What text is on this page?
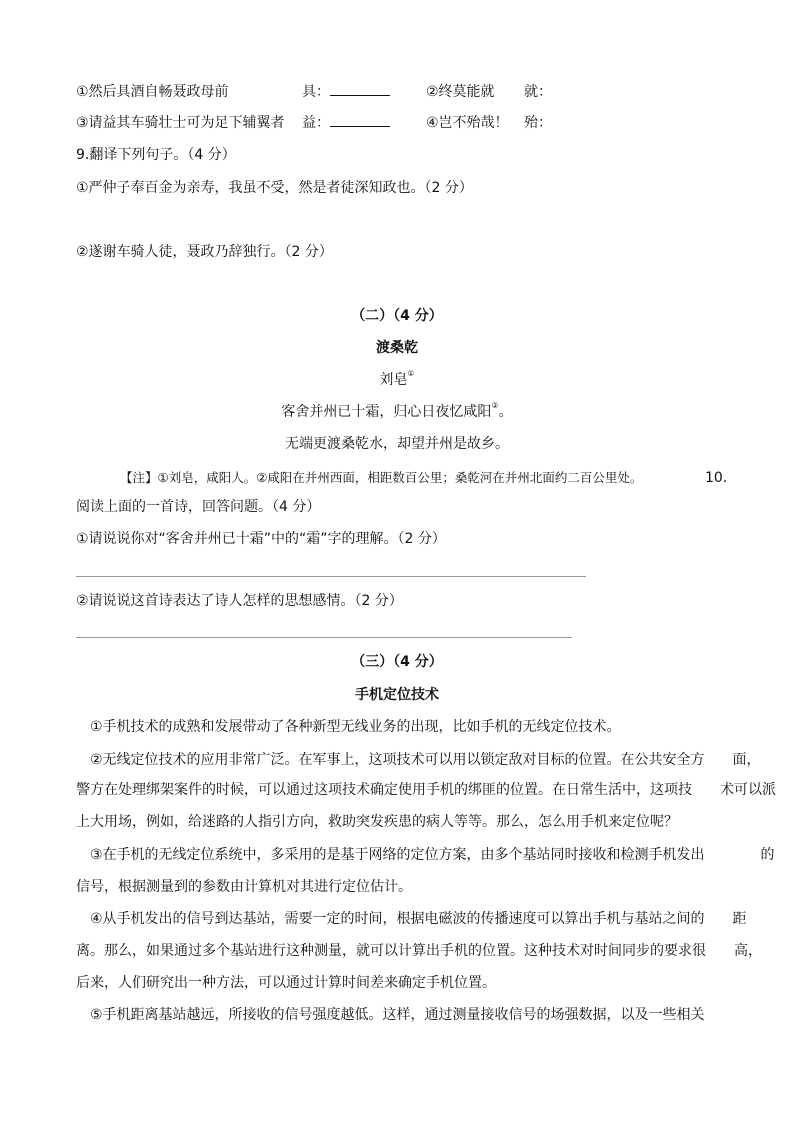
①然后具酒自畅聂政母前	具：	②终莫能就 就：
③请益其车骑壮士可为足下辅翼者 益：	④岂不殆哉！ 殆：
9.翻译下列句子。（4 分）
①严仲子奉百金为亲寿，我虽不受，然是者徒深知政也。（2 分）
②遂谢车骑人徒，聂政乃辞独行。（2 分）
（二）（4 分）
渡桑乾
刘皂①
客舍并州已十霜，归心日夜忆咸阳②。
无端更渡桑乾水，却望并州是故乡。
【注】①刘皂，咸阳人。②咸阳在并州西面，相距数百公里；桑乾河在并州北面约二百公里处。	10.
阅读上面的一首诗，回答问题。（4 分）
①请说说你对“客舍并州已十霜”中的“霜”字的理解。（2 分）
②请说说这首诗表达了诗人怎样的思想感情。（2 分）
（三）（4 分）
手机定位技术
①手机技术的成熟和发展带动了各种新型无线业务的出现，比如手机的无线定位技术。
②无线定位技术的应用非常广泛。在军事上，这项技术可以用以锁定敌对目标的位置。在公共安全方　　面，
警方在处理绑架案件的时候，可以通过这项技术确定使用手机的绑匪的位置。在日常生活中，这项技　　术可以派
上大用场，例如，给迷路的人指引方向，救助突发疾患的病人等等。那么，怎么用手机来定位呢？
③在手机的无线定位系统中，多采用的是基于网络的定位方案，由多个基站同时接收和检测手机发出　　　　的
信号，根据测量到的参数由计算机对其进行定位估计。
④从手机发出的信号到达基站，需要一定的时间，根据电磁波的传播速度可以算出手机与基站之间的　　距
离。那么，如果通过多个基站进行这种测量，就可以计算出手机的位置。这种技术对时间同步的要求很　　高，
后来，人们研究出一种方法，可以通过计算时间差来确定手机位置。
⑤手机距离基站越远，所接收的信号强度越低。这样，通过测量接收信号的场强数据，以及一些相关
